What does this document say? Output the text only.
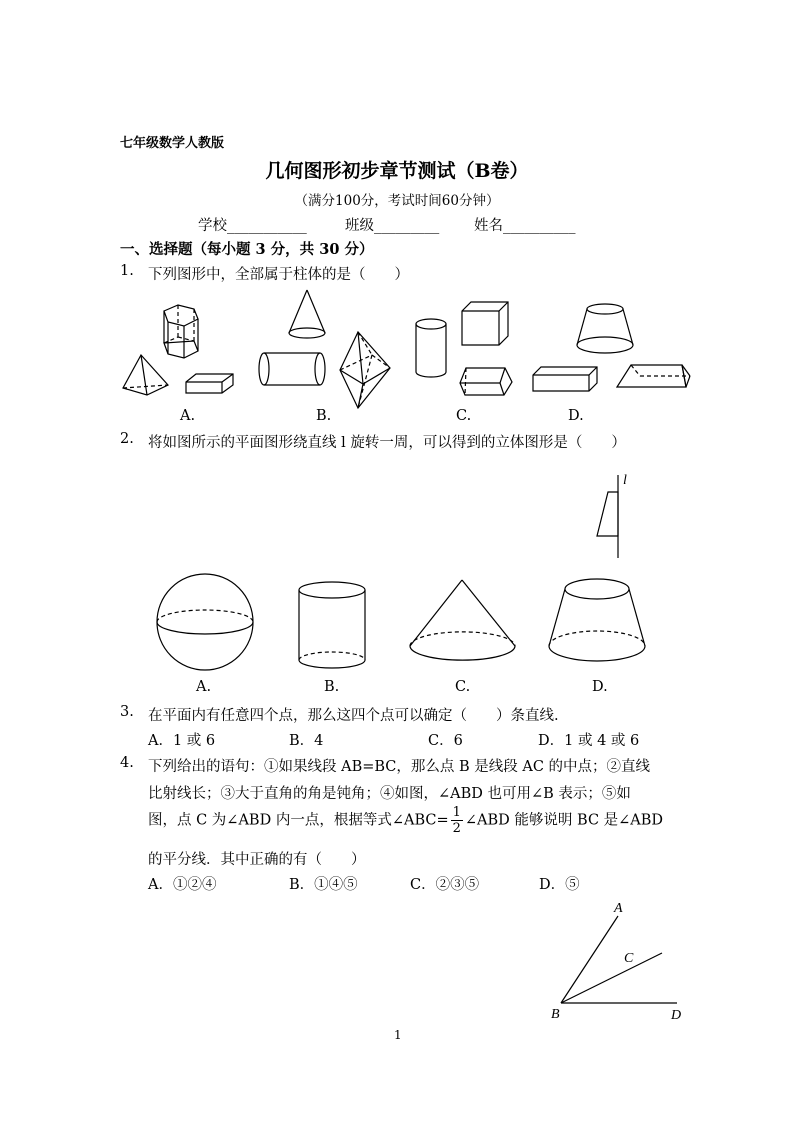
七年级数学人教版
几何图形初步章节测试（B卷）
（满分100分，考试时间60分钟）
学校___________	班级_________ 姓名__________
一、选择题（每小题 3 分，共 30 分）
1. 下列图形中，全部属于柱体的是（　　）
A.	B.	C.	D.
2. 将如图所示的平面图形绕直线 l 旋转一周，可以得到的立体图形是（　　）
l
A.	B.	C.	D.
3. 在平面内有任意四个点，那么这四个点可以确定（　　）条直线.
A．1 或 6	B．4	C．6	D．1 或 4 或 6
4. 下列给出的语句：①如果线段 AB=BC，那么点 B 是线段 AC 的中点；②直线
比射线长；③大于直角的角是钝角；④如图，∠ABD 也可用∠B 表示；⑤如
图，点 C 为∠ABD 内一点，根据等式∠ABC= $\frac{1}{2}$ ∠ABD 能够说明 BC 是∠ABD
的平分线．其中正确的有（　　）
A．①②④	B．①④⑤	C．②③⑤	D．⑤
A
B
C
D
1
